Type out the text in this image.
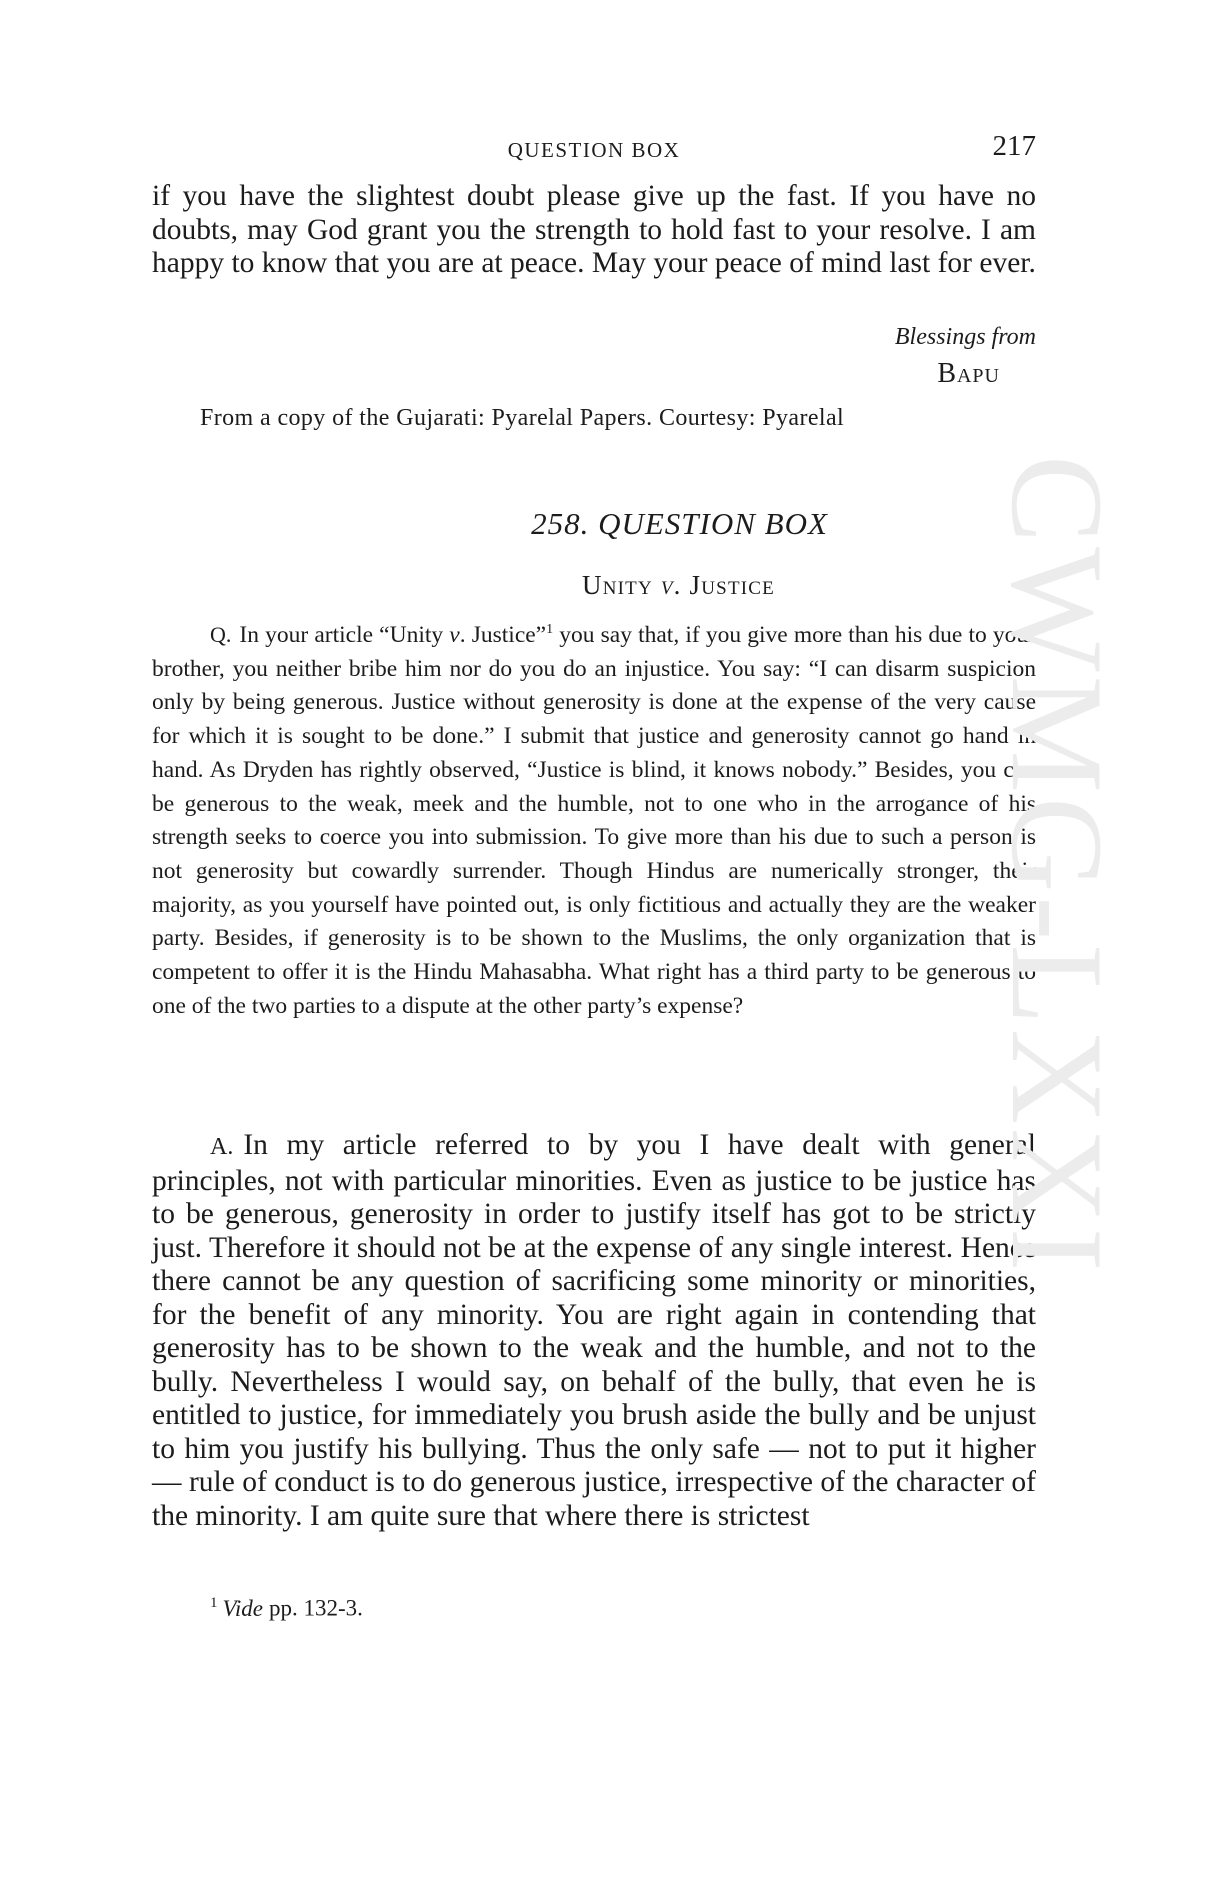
QUESTION BOX	217

if you have the slightest doubt please give up the fast. If you have no doubts, may God grant you the strength to hold fast to your resolve. I am happy to know that you are at peace. May your peace of mind last for ever.

Blessings from
Bapu
From a copy of the Gujarati: Pyarelal Papers. Courtesy: Pyarelal
258. QUESTION BOX
Unity v. Justice

Q. In your article “Unity v. Justice”$^1$ you say that, if you give more than his due to your brother, you neither bribe him nor do you do an injustice. You say: “I can disarm suspicion only by being generous. Justice without generosity is done at the expense of the very cause for which it is sought to be done.” I submit that justice and generosity cannot go hand in hand. As Dryden has rightly observed, “Justice is blind, it knows nobody.” Besides, you can be generous to the weak, meek and the humble, not to one who in the arrogance of his strength seeks to coerce you into submission. To give more than his due to such a person is not generosity but cowardly surrender. Though Hindus are numerically stronger, their majority, as you yourself have pointed out, is only fictitious and actually they are the weaker party. Besides, if generosity is to be shown to the Muslims, the only organization that is competent to offer it is the Hindu Mahasabha. What right has a third party to be generous to one of the two parties to a dispute at the other party’s expense?

A. In my article referred to by you I have dealt with general principles, not with particular minorities. Even as justice to be justice has to be generous, generosity in order to justify itself has got to be strictly just. Therefore it should not be at the expense of any single interest. Hence there cannot be any question of sacrificing some minority or minorities, for the benefit of any minority. You are right again in contending that generosity has to be shown to the weak and the humble, and not to the bully. Nevertheless I would say, on behalf of the bully, that even he is entitled to justice, for immediately you brush aside the bully and be unjust to him you justify his bullying. Thus the only safe — not to put it higher — rule of conduct is to do generous justice, irrespective of the character of the minority. I am quite sure that where there is strictest

$^1$ Vide pp. 132-3.
CWMG-LXXI
